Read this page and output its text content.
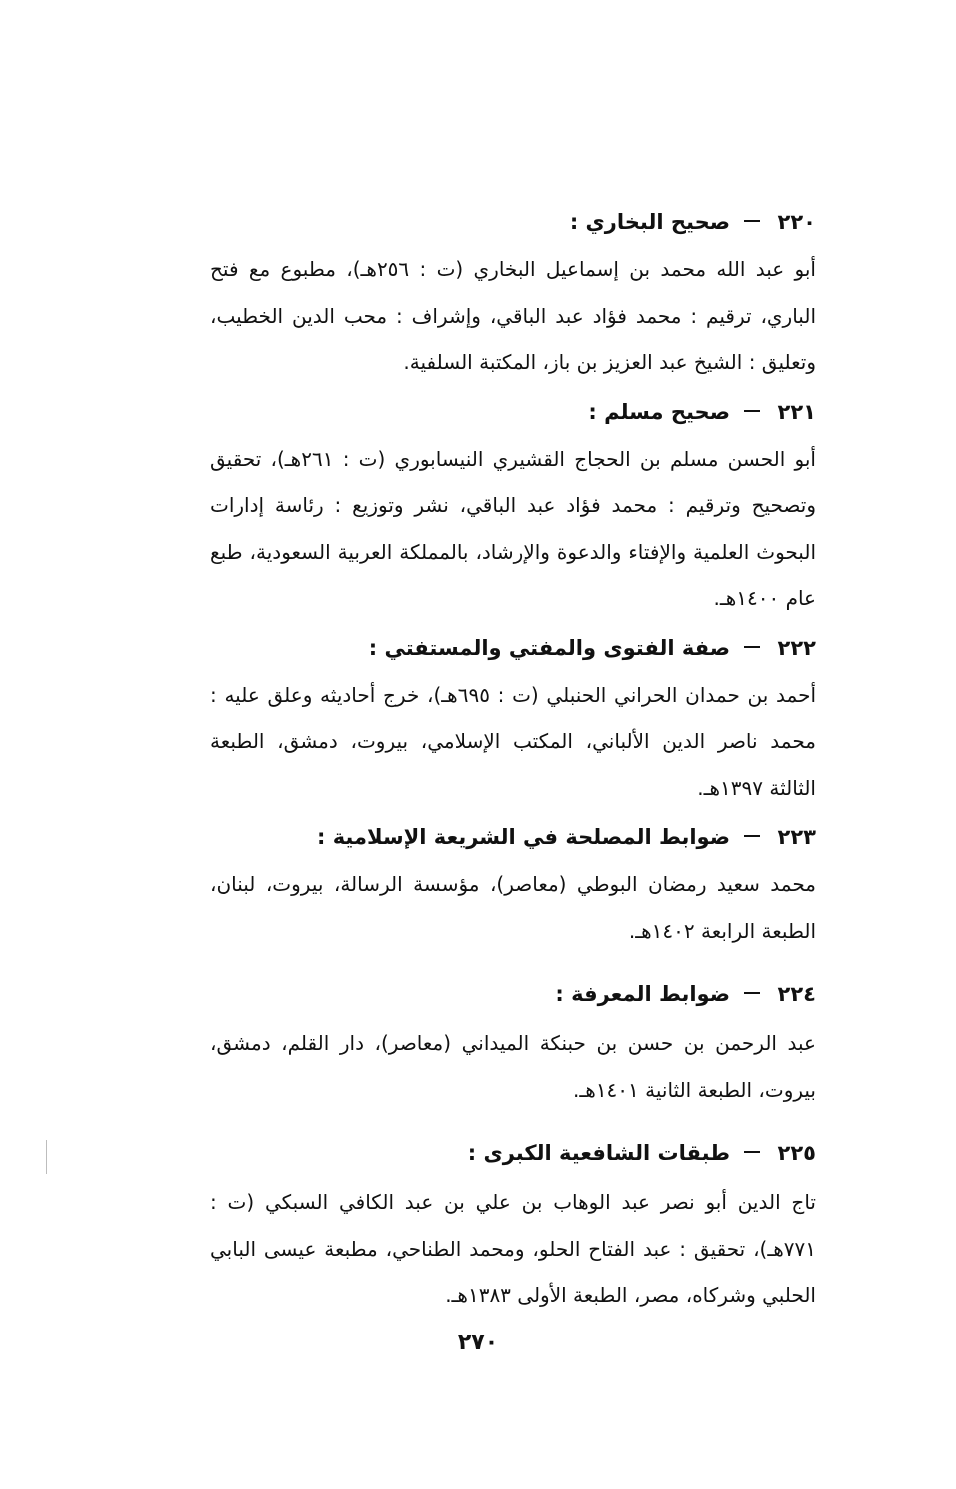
٢٢٠
صحيح البخاري :
أبو عبد الله محمد بن إسماعيل البخاري (ت : ٢٥٦هـ)، مطبوع مع فتح الباري، ترقيم : محمد فؤاد عبد الباقي، وإشراف : محب الدين الخطيب، وتعليق : الشيخ عبد العزيز بن باز، المكتبة السلفية.
٢٢١
صحيح مسلم :
أبو الحسن مسلم بن الحجاج القشيري النيسابوري (ت : ٢٦١هـ)، تحقيق وتصحيح وترقيم : محمد فؤاد عبد الباقي، نشر وتوزيع : رئاسة إدارات البحوث العلمية والإفتاء والدعوة والإرشاد، بالمملكة العربية السعودية، طبع عام ١٤٠٠هـ.
٢٢٢
صفة الفتوى والمفتي والمستفتي :
أحمد بن حمدان الحراني الحنبلي (ت : ٦٩٥هـ)، خرج أحاديثه وعلق عليه : محمد ناصر الدين الألباني، المكتب الإسلامي، بيروت، دمشق، الطبعة الثالثة ١٣٩٧هـ.
٢٢٣
ضوابط المصلحة في الشريعة الإسلامية :
محمد سعيد رمضان البوطي (معاصر)، مؤسسة الرسالة، بيروت، لبنان، الطبعة الرابعة ١٤٠٢هـ.
٢٢٤
ضوابط المعرفة :
عبد الرحمن بن حسن بن حبنكة الميداني (معاصر)، دار القلم، دمشق، بيروت، الطبعة الثانية ١٤٠١هـ.
٢٢٥
طبقات الشافعية الكبرى :
تاج الدين أبو نصر عبد الوهاب بن علي بن عبد الكافي السبكي (ت : ٧٧١هـ)، تحقيق : عبد الفتاح الحلو، ومحمد الطناحي، مطبعة عيسى البابي الحلبي وشركاه، مصر، الطبعة الأولى ١٣٨٣هـ.
٢٧٠
